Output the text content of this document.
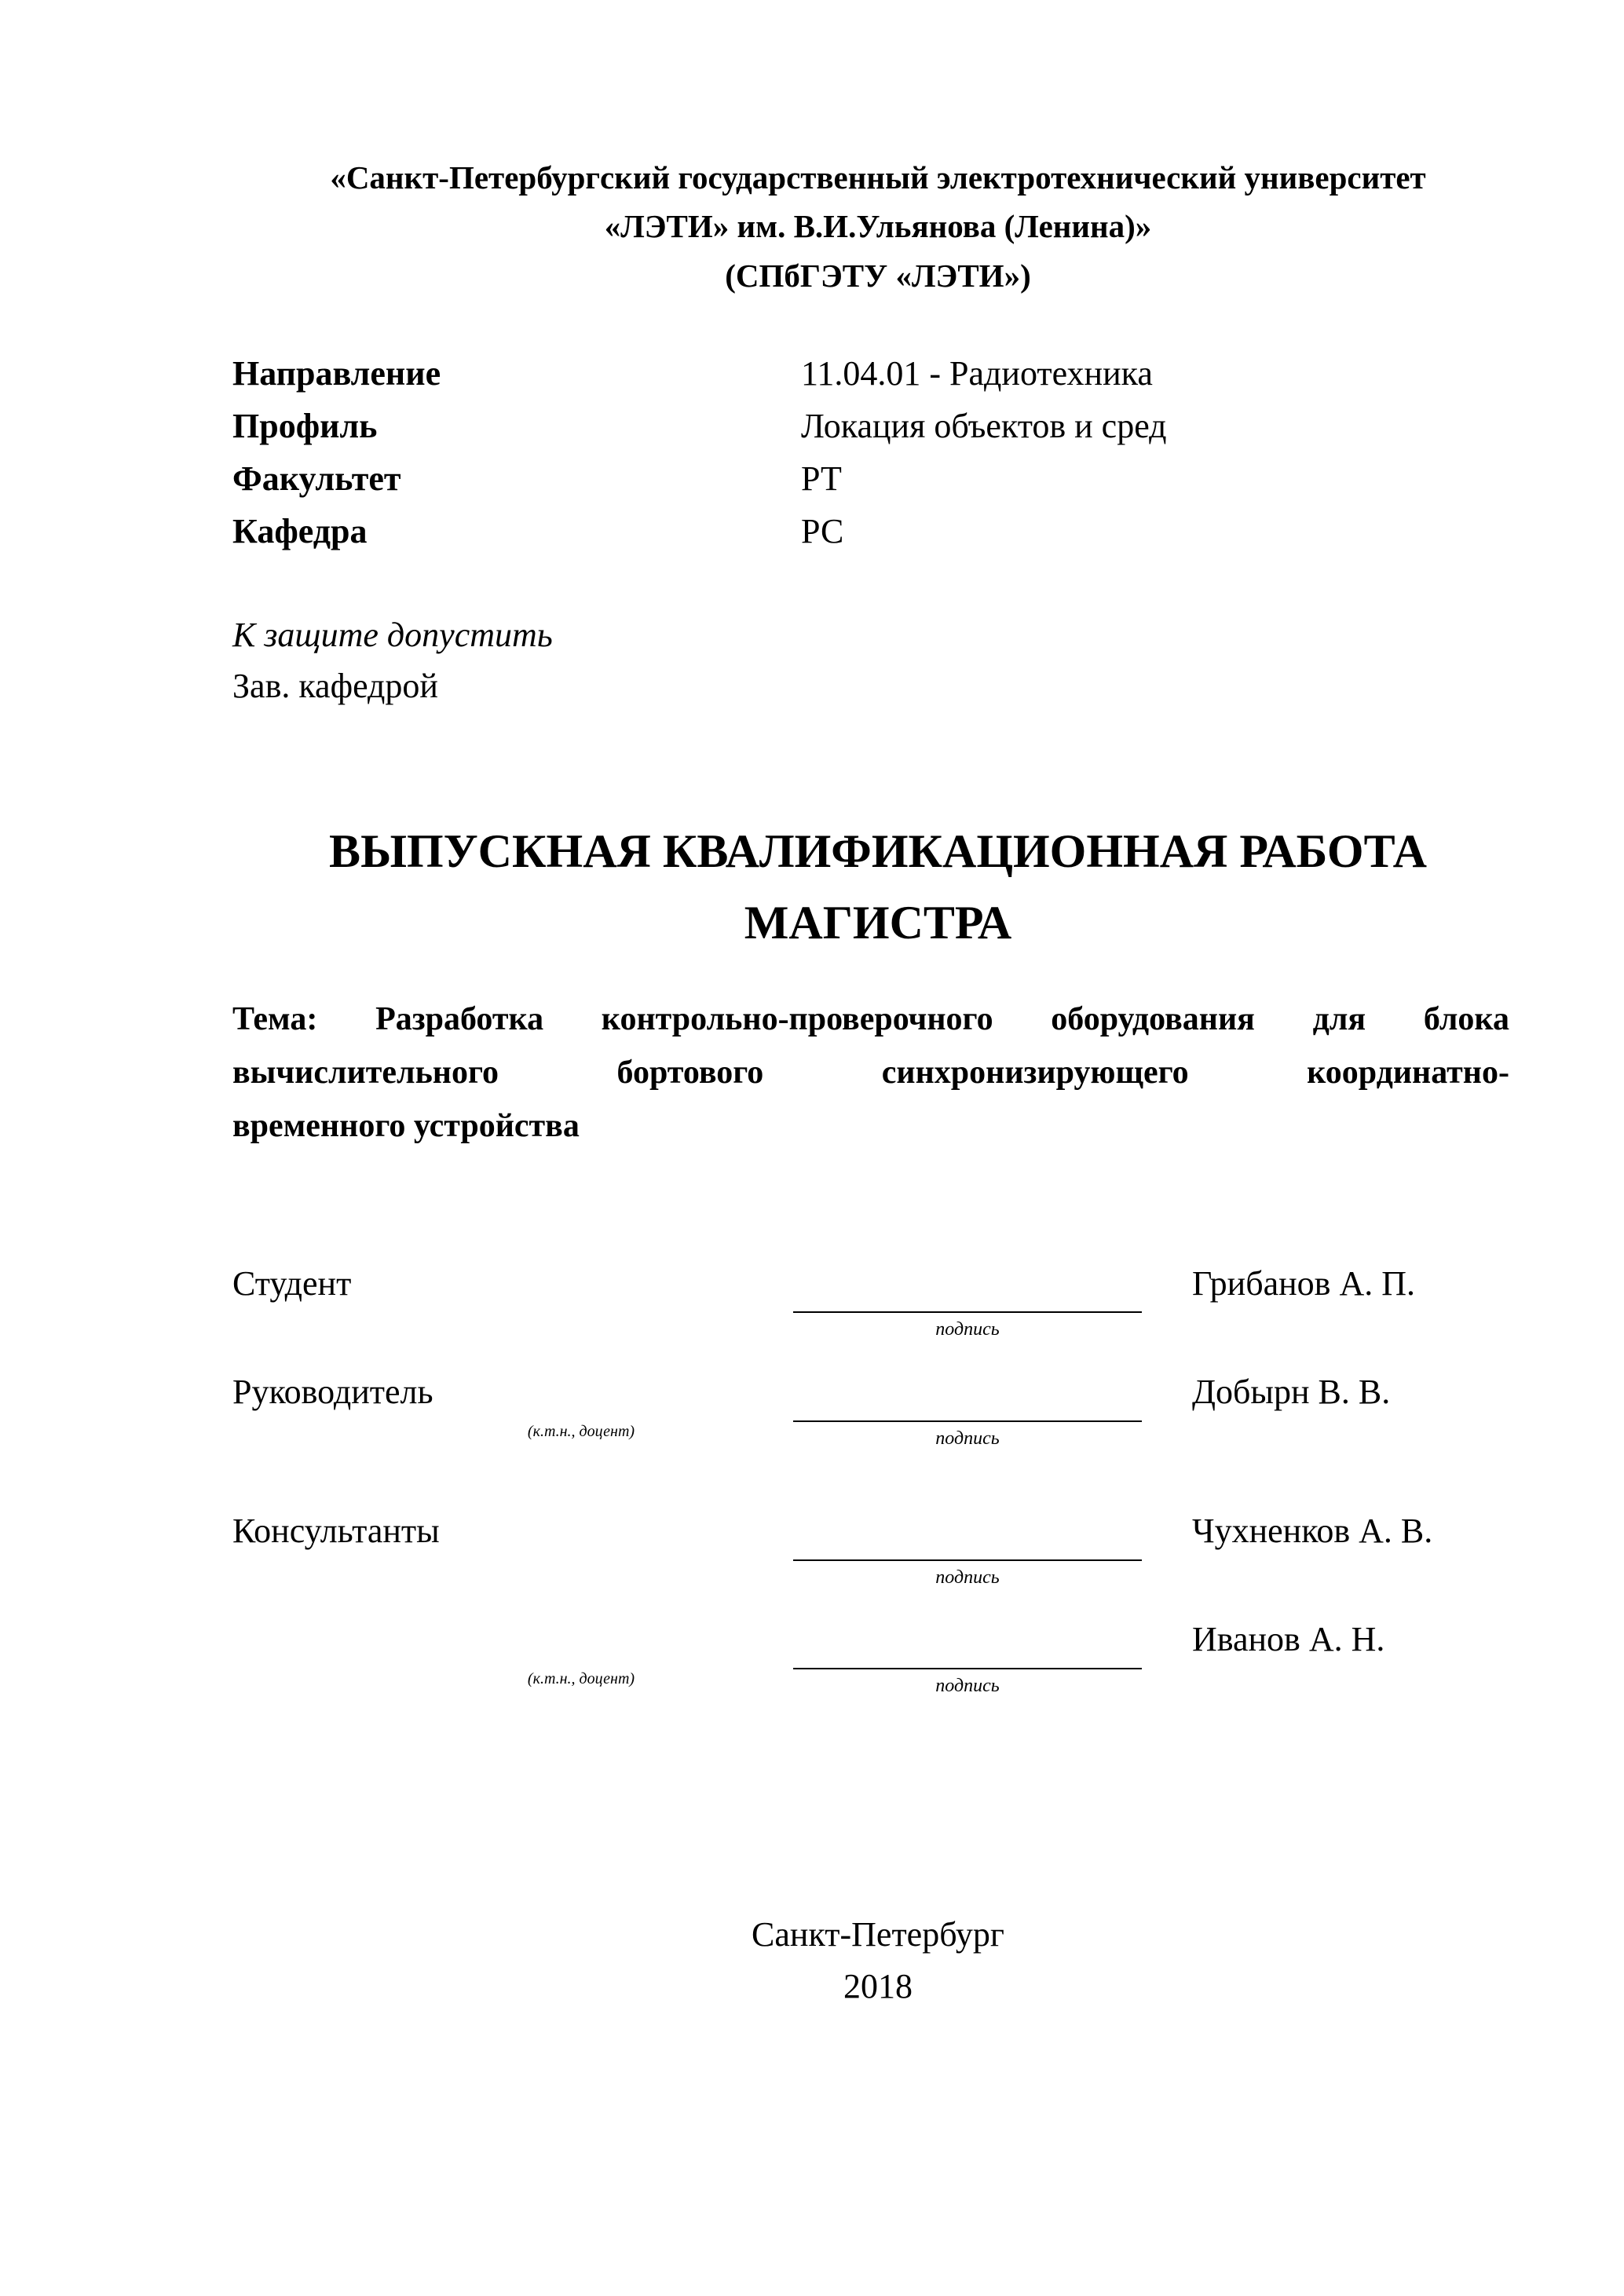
«Санкт-Петербургский государственный электротехнический университет
«ЛЭТИ» им. В.И.Ульянова (Ленина)»
(СПбГЭТУ «ЛЭТИ»)
Направление	11.04.01 - Радиотехника
Профиль	Локация объектов и сред
Факультет	РТ
Кафедра	РС
К защите допустить
Зав. кафедрой
ВЫПУСКНАЯ КВАЛИФИКАЦИОННАЯ РАБОТА
МАГИСТРА
Тема: Разработка контрольно-проверочного оборудования для блока
вычислительного	бортового	синхронизирующего	координатно-
временного устройства
Студент
подпись
Грибанов А. П.
Руководитель
(к.т.н., доцент)	подпись
Добырн В. В.
Консультанты
подпись
Чухненков А. В.
(к.т.н., доцент)	подпись
Иванов А. Н.
Санкт-Петербург
2018
